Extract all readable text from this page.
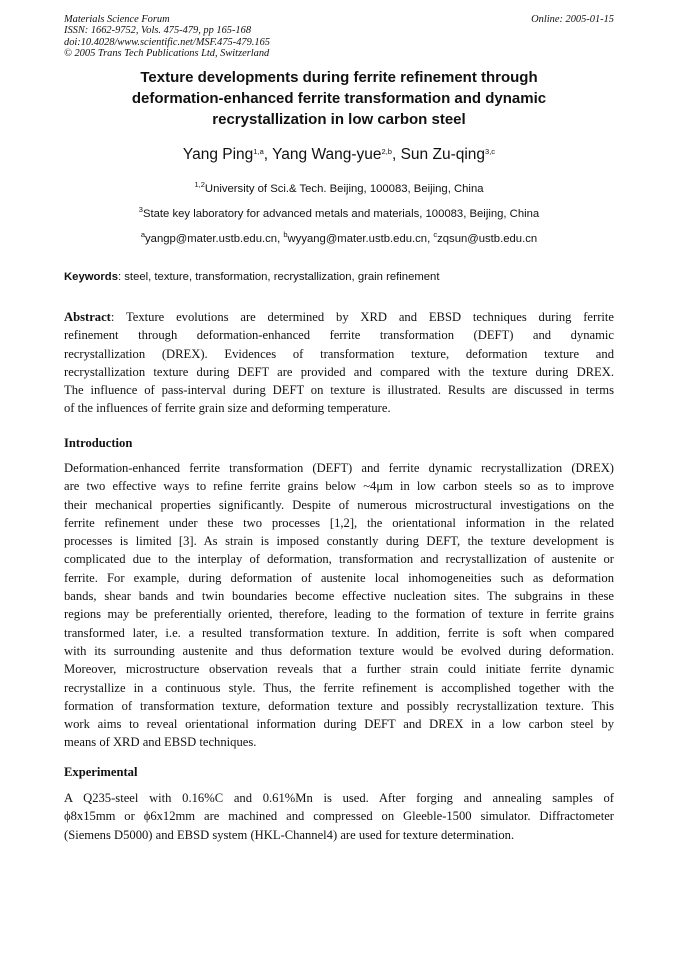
Materials Science Forum
ISSN: 1662-9752, Vols. 475-479, pp 165-168
doi:10.4028/www.scientific.net/MSF.475-479.165
© 2005 Trans Tech Publications Ltd, Switzerland
Online: 2005-01-15
Texture developments during ferrite refinement through
deformation-enhanced ferrite transformation and dynamic
recrystallization in low carbon steel
Yang Ping$^{1,a}$, Yang Wang-yue$^{2,b}$, Sun Zu-qing$^{3,c}$
$^{1,2}$University of Sci.& Tech. Beijing, 100083, Beijing, China
$^3$State key laboratory for advanced metals and materials, 100083, Beijing, China
$^a$yangp@mater.ustb.edu.cn, $^b$wyyang@mater.ustb.edu.cn, $^c$zqsun@ustb.edu.cn
Keywords: steel, texture, transformation, recrystallization, grain refinement
Abstract: Texture evolutions are determined by XRD and EBSD techniques during ferrite
refinement through deformation-enhanced ferrite transformation (DEFT) and dynamic
recrystallization (DREX). Evidences of transformation texture, deformation texture and
recrystallization texture during DEFT are provided and compared with the texture during DREX.
The influence of pass-interval during DEFT on texture is illustrated. Results are discussed in terms
of the influences of ferrite grain size and deforming temperature.
Introduction
Deformation-enhanced ferrite transformation (DEFT) and ferrite dynamic recrystallization (DREX)
are two effective ways to refine ferrite grains below ~4μm in low carbon steels so as to improve
their mechanical properties significantly. Despite of numerous microstructural investigations on the
ferrite refinement under these two processes [1,2], the orientational information in the related
processes is limited [3]. As strain is imposed constantly during DEFT, the texture development is
complicated due to the interplay of deformation, transformation and recrystallization of austenite or
ferrite. For example, during deformation of austenite local inhomogeneities such as deformation
bands, shear bands and twin boundaries become effective nucleation sites. The subgrains in these
regions may be preferentially oriented, therefore, leading to the formation of texture in ferrite grains
transformed later, i.e. a resulted transformation texture. In addition, ferrite is soft when compared
with its surrounding austenite and thus deformation texture would be evolved during deformation.
Moreover, microstructure observation reveals that a further strain could initiate ferrite dynamic
recrystallize in a continuous style. Thus, the ferrite refinement is accomplished together with the
formation of transformation texture, deformation texture and possibly recrystallization texture. This
work aims to reveal orientational information during DEFT and DREX in a low carbon steel by
means of XRD and EBSD techniques.
Experimental
A Q235-steel with 0.16%C and 0.61%Mn is used. After forging and annealing samples of
ϕ8x15mm or ϕ6x12mm are machined and compressed on Gleeble-1500 simulator. Diffractometer
(Siemens D5000) and EBSD system (HKL-Channel4) are used for texture determination.
